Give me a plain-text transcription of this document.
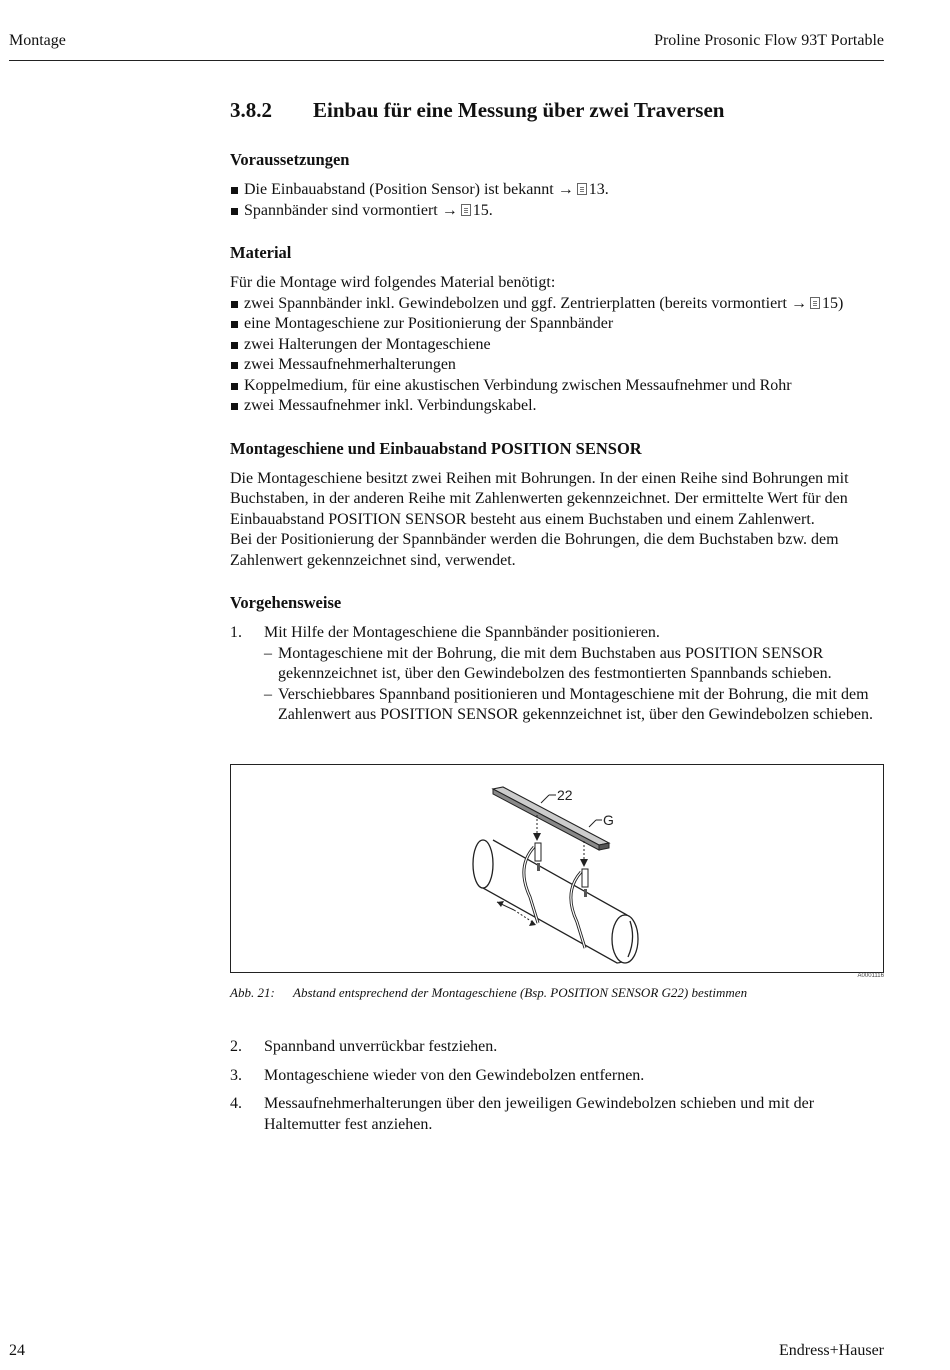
Montage	Proline Prosonic Flow 93T Portable
3.8.2	Einbau für eine Messung über zwei Traversen
Voraussetzungen
Die Einbauabstand (Position Sensor) ist bekannt → 13.
Spannbänder sind vormontiert → 15.
Material

Für die Montage wird folgendes Material benötigt:

zwei Spannbänder inkl. Gewindebolzen und ggf. Zentrierplatten (bereits vormontiert → 15)
eine Montageschiene zur Positionierung der Spannbänder
zwei Halterungen der Montageschiene
zwei Messaufnehmerhalterungen
Koppelmedium, für eine akustischen Verbindung zwischen Messaufnehmer und Rohr
zwei Messaufnehmer inkl. Verbindungskabel.
Montageschiene und Einbauabstand POSITION SENSOR

Die Montageschiene besitzt zwei Reihen mit Bohrungen. In der einen Reihe sind Bohrungen mit Buchstaben, in der anderen Reihe mit Zahlenwerten gekennzeichnet. Der ermittelte Wert für den Einbauabstand POSITION SENSOR besteht aus einem Buchstaben und einem Zahlenwert.

Bei der Positionierung der Spannbänder werden die Bohrungen, die dem Buchstaben bzw. dem Zahlenwert gekennzeichnet sind, verwendet.

Vorgehensweise
1.	Mit Hilfe der Montageschiene die Spannbänder positionieren.
– Montageschiene mit der Bohrung, die mit dem Buchstaben aus POSITION SENSOR gekennzeichnet ist, über den Gewindebolzen des festmontierten Spannbands schieben.
– Verschiebbares Spannband positionieren und Montageschiene mit der Bohrung, die mit dem Zahlenwert aus POSITION SENSOR gekennzeichnet ist, über den Gewindebolzen schieben.
22
G
A0001116
Abb. 21:	Abstand entsprechend der Montageschiene (Bsp. POSITION SENSOR G22) bestimmen
2.	Spannband unverrückbar festziehen.
3.	Montageschiene wieder von den Gewindebolzen entfernen.
4.	Messaufnehmerhalterungen über den jeweiligen Gewindebolzen schieben und mit der Haltemutter fest anziehen.
24	Endress+Hauser
